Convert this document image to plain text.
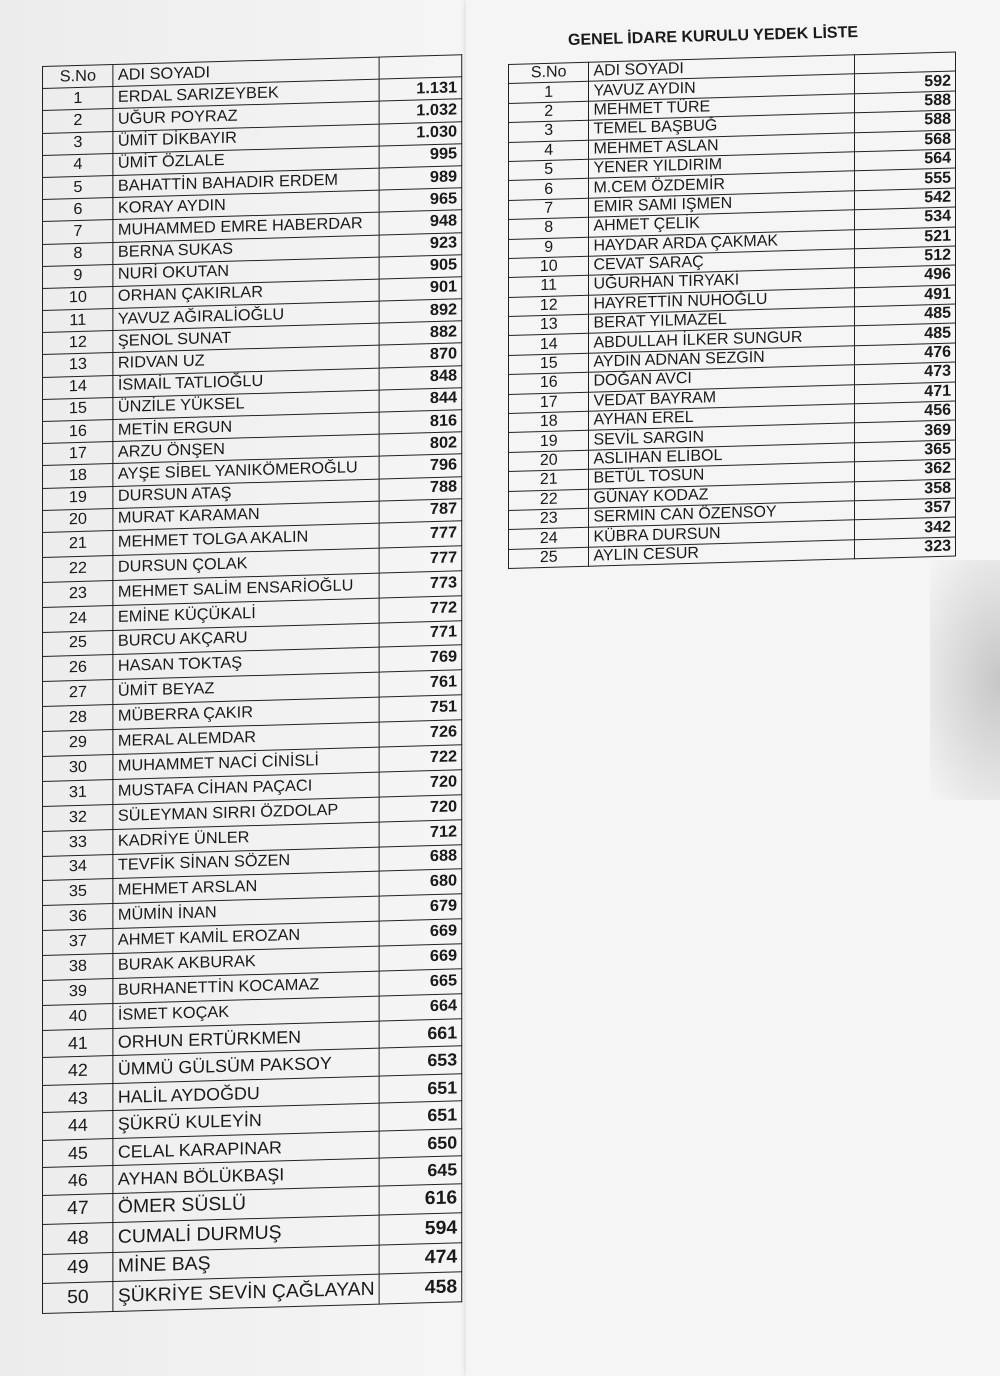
S.No	ADI SOYADI	
1	ERDAL SARIZEYBEK	1.131
2	UĞUR POYRAZ	1.032
3	ÜMİT DİKBAYIR	1.030
4	ÜMİT ÖZLALE	995
5	BAHATTİN BAHADIR ERDEM	989
6	KORAY AYDIN	965
7	MUHAMMED EMRE HABERDAR	948
8	BERNA SUKAS	923
9	NURİ OKUTAN	905
10	ORHAN ÇAKIRLAR	901
11	YAVUZ AĞIRALİOĞLU	892
12	ŞENOL SUNAT	882
13	RIDVAN UZ	870
14	İSMAİL TATLIOĞLU	848
15	ÜNZİLE YÜKSEL	844
16	METİN ERGUN	816
17	ARZU ÖNŞEN	802
18	AYŞE SİBEL YANIKÖMEROĞLU	796
19	DURSUN ATAŞ	788
20	MURAT KARAMAN	787
21	MEHMET TOLGA AKALIN	777
22	DURSUN ÇOLAK	777
23	MEHMET SALİM ENSARİOĞLU	773
24	EMİNE KÜÇÜKALİ	772
25	BURCU AKÇARU	771
26	HASAN TOKTAŞ	769
27	ÜMİT BEYAZ	761
28	MÜBERRA ÇAKIR	751
29	MERAL ALEMDAR	726
30	MUHAMMET NACİ CİNİSLİ	722
31	MUSTAFA CİHAN PAÇACI	720
32	SÜLEYMAN SIRRI ÖZDOLAP	720
33	KADRİYE ÜNLER	712
34	TEVFİK SİNAN SÖZEN	688
35	MEHMET ARSLAN	680
36	MÜMİN İNAN	679
37	AHMET KAMİL EROZAN	669
38	BURAK AKBURAK	669
39	BURHANETTİN KOCAMAZ	665
40	İSMET KOÇAK	664
41	ORHUN ERTÜRKMEN	661
42	ÜMMÜ GÜLSÜM PAKSOY	653
43	HALİL AYDOĞDU	651
44	ŞÜKRÜ KULEYİN	651
45	CELAL KARAPINAR	650
46	AYHAN BÖLÜKBAŞI	645
47	ÖMER SÜSLÜ	616
48	CUMALİ DURMUŞ	594
49	MİNE BAŞ	474
50	ŞÜKRİYE SEVİN ÇAĞLAYAN	458

GENEL İDARE KURULU YEDEK LİSTE

S.No	ADI SOYADI	
1	YAVUZ AYDIN	592
2	MEHMET TÜRE	588
3	TEMEL BAŞBUĞ	588
4	MEHMET ASLAN	568
5	YENER YILDIRIM	564
6	M.CEM ÖZDEMİR	555
7	EMİR SAMİ IŞMEN	542
8	AHMET ÇELİK	534
9	HAYDAR ARDA ÇAKMAK	521
10	CEVAT SARAÇ	512
11	UĞURHAN TİRYAKİ	496
12	HAYRETTİN NUHOĞLU	491
13	BERAT YILMAZEL	485
14	ABDULLAH İLKER SUNGUR	485
15	AYDIN ADNAN SEZGİN	476
16	DOĞAN AVCI	473
17	VEDAT BAYRAM	471
18	AYHAN EREL	456
19	SEVİL SARGIN	369
20	ASLIHAN ELİBOL	365
21	BETÜL TOSUN	362
22	GÜNAY KODAZ	358
23	SERMİN CAN ÖZENSOY	357
24	KÜBRA DURSUN	342
25	AYLİN CESUR	323
